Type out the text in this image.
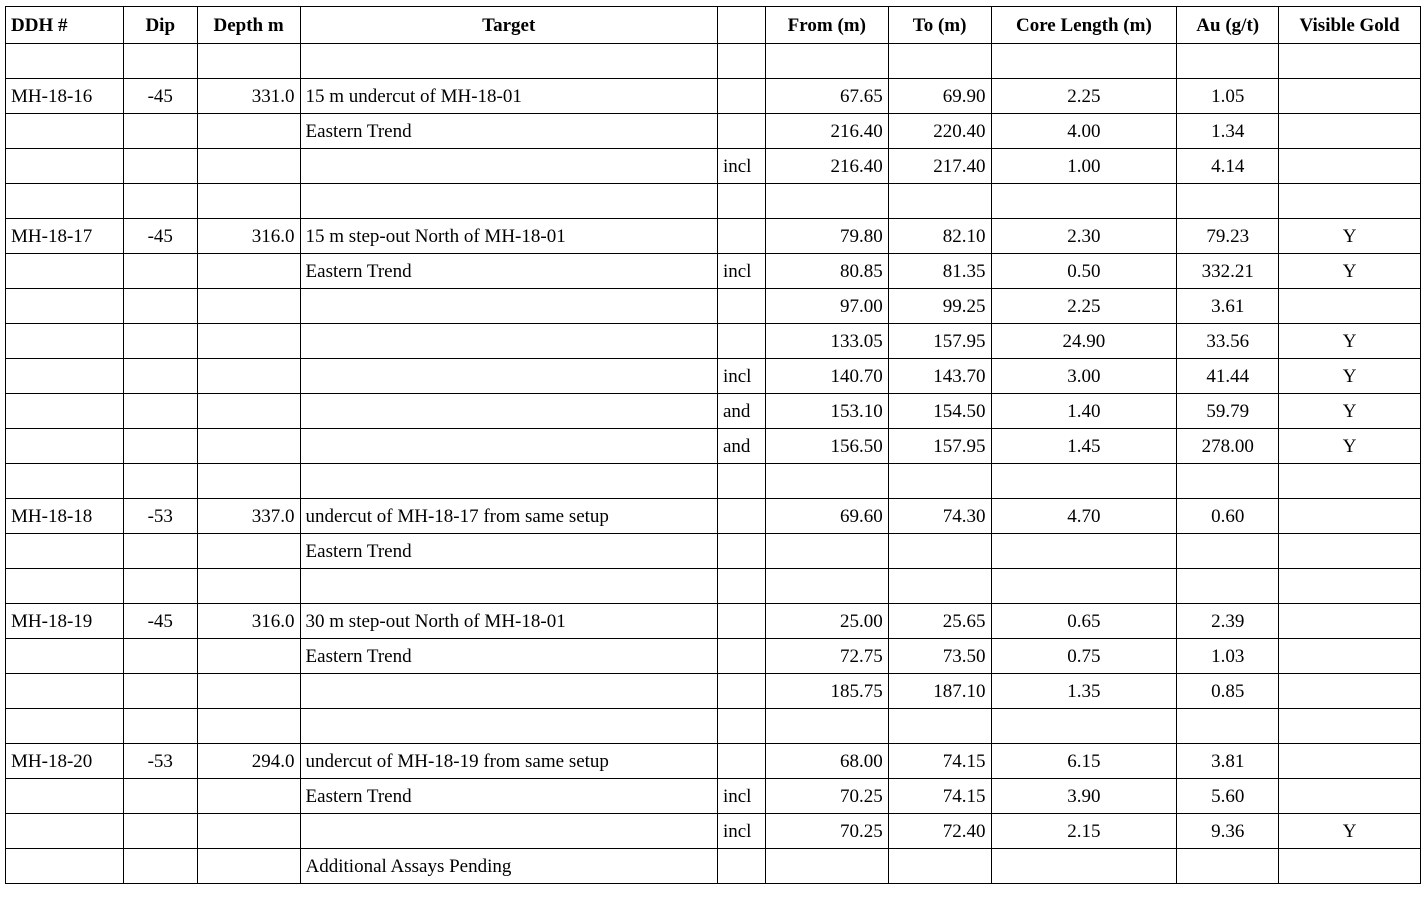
DDH #	Dip	Depth m	Target		From (m)	To (m)	Core Length (m)	Au (g/t)	Visible Gold

MH-18-16	-45	331.0	15 m undercut of MH-18-01		67.65	69.90	2.25	1.05	
			Eastern Trend		216.40	220.40	4.00	1.34	
				incl	216.40	217.40	1.00	4.14	

MH-18-17	-45	316.0	15 m step-out North of MH-18-01		79.80	82.10	2.30	79.23	Y
			Eastern Trend	incl	80.85	81.35	0.50	332.21	Y
					97.00	99.25	2.25	3.61	
					133.05	157.95	24.90	33.56	Y
				incl	140.70	143.70	3.00	41.44	Y
				and	153.10	154.50	1.40	59.79	Y
				and	156.50	157.95	1.45	278.00	Y

MH-18-18	-53	337.0	undercut of MH-18-17 from same setup		69.60	74.30	4.70	0.60	
			Eastern Trend						

MH-18-19	-45	316.0	30 m step-out North of MH-18-01		25.00	25.65	0.65	2.39	
			Eastern Trend		72.75	73.50	0.75	1.03	
					185.75	187.10	1.35	0.85	

MH-18-20	-53	294.0	undercut of MH-18-19 from same setup		68.00	74.15	6.15	3.81	
			Eastern Trend	incl	70.25	74.15	3.90	5.60	
				incl	70.25	72.40	2.15	9.36	Y
			Additional Assays Pending						
